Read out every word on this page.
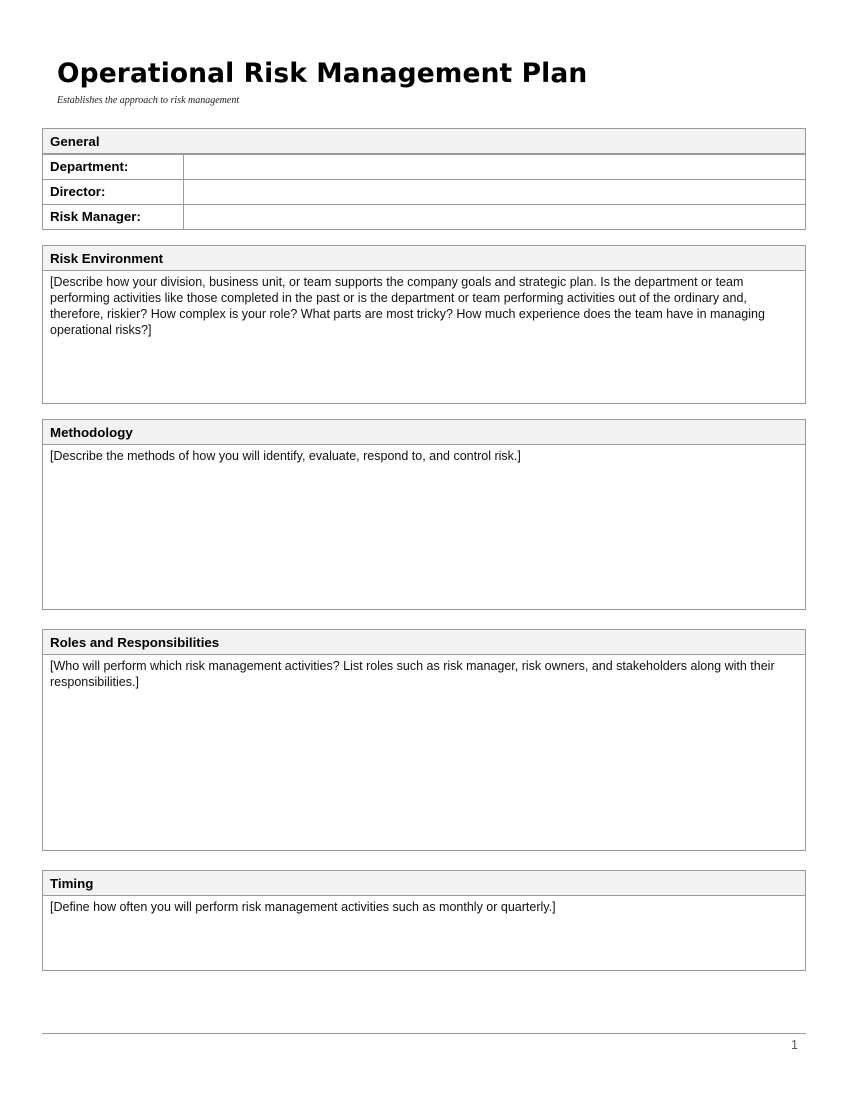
Operational Risk Management Plan

Establishes the approach to risk management

General
Department:
Director:
Risk Manager:
Risk Environment
[Describe how your division, business unit, or team supports the company goals and strategic plan. Is the department or team performing activities like those completed in the past or is the department or team performing activities out of the ordinary and, therefore, riskier? How complex is your role? What parts are most tricky? How much experience does the team have in managing operational risks?]
Methodology
[Describe the methods of how you will identify, evaluate, respond to, and control risk.]
Roles and Responsibilities
[Who will perform which risk management activities? List roles such as risk manager, risk owners, and stakeholders along with their responsibilities.]
Timing
[Define how often you will perform risk management activities such as monthly or quarterly.]
1
